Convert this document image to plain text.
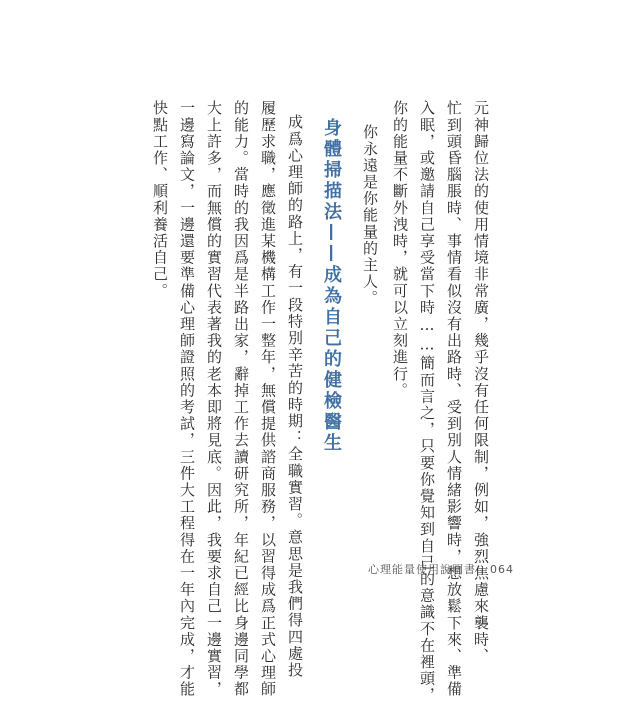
元神歸位法的使用情境非常廣，幾乎沒有任何限制，例如，強烈焦慮來襲時、
忙到頭昏腦脹時、事情看似沒有出路時、受到別人情緒影響時，想放鬆下來、準備
入眠，或邀請自己享受當下時……簡而言之，只要你覺知到自己的意識不在裡頭，
你的能量不斷外洩時，就可以立刻進行。
你永遠是你能量的主人。
身體掃描法——成為自己的健檢醫生
成爲心理師的路上，有一段特別辛苦的時期：全職實習。意思是我們得四處投
履歷求職，應徵進某機構工作一整年，無償提供諮商服務，以習得成爲正式心理師
的能力。當時的我因爲是半路出家，辭掉工作去讀研究所，年紀已經比身邊同學都
大上許多，而無償的實習代表著我的老本即將見底。因此，我要求自己一邊實習，
一邊寫論文，一邊還要準備心理師證照的考試，三件大工程得在一年內完成，才能
快點工作、順利養活自己。
心理能量使用說明書 064
